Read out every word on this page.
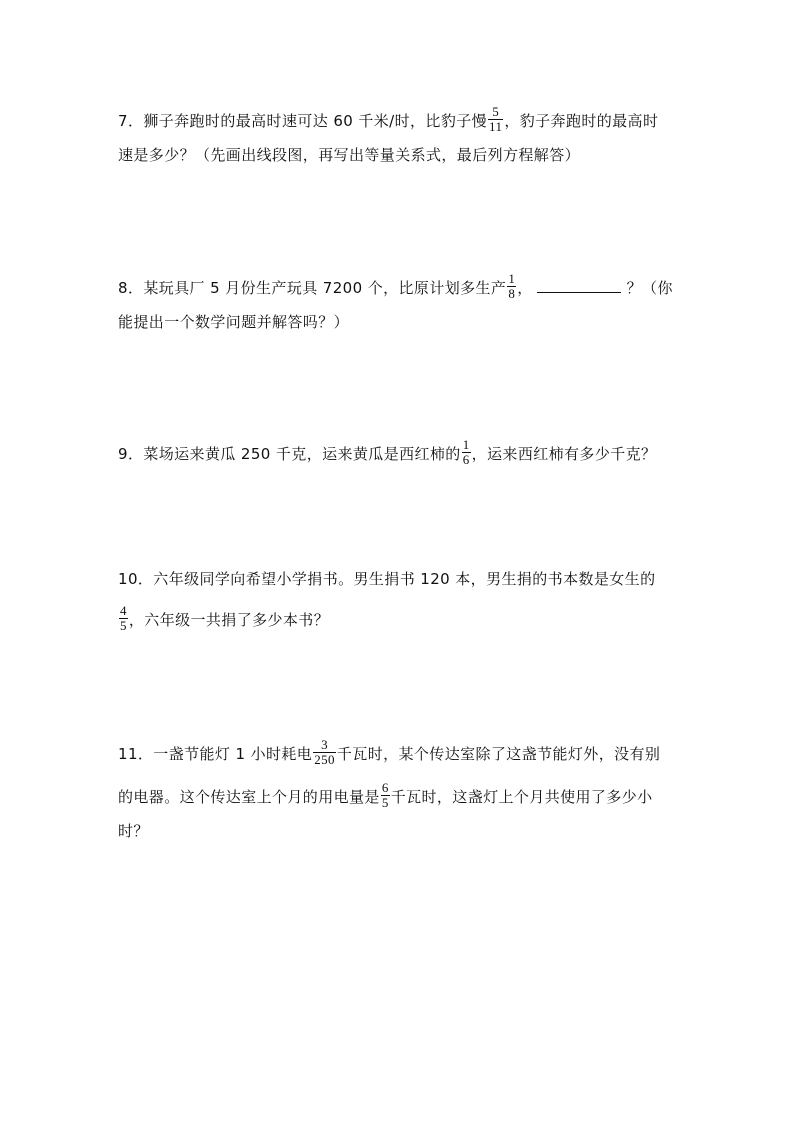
7．狮子奔跑时的最高时速可达 60 千米/时，比豹子慢 $\frac{5}{11}$ ，豹子奔跑时的最高时
速是多少？（先画出线段图，再写出等量关系式，最后列方程解答）
8．某玩具厂 5 月份生产玩具 7200 个，比原计划多生产 $\frac{1}{8}$ ，	？（你
能提出一个数学问题并解答吗？）
9．菜场运来黄瓜 250 千克，运来黄瓜是西红柿的 $\frac{1}{6}$ ，运来西红柿有多少千克？
10．六年级同学向希望小学捐书。男生捐书 120 本，男生捐的书本数是女生的
$\frac{4}{5}$ ，六年级一共捐了多少本书？
11．一盏节能灯 1 小时耗电 $\frac{3}{250}$ 千瓦时，某个传达室除了这盏节能灯外，没有别
的电器。这个传达室上个月的用电量是 $\frac{6}{5}$ 千瓦时，这盏灯上个月共使用了多少小
时？
